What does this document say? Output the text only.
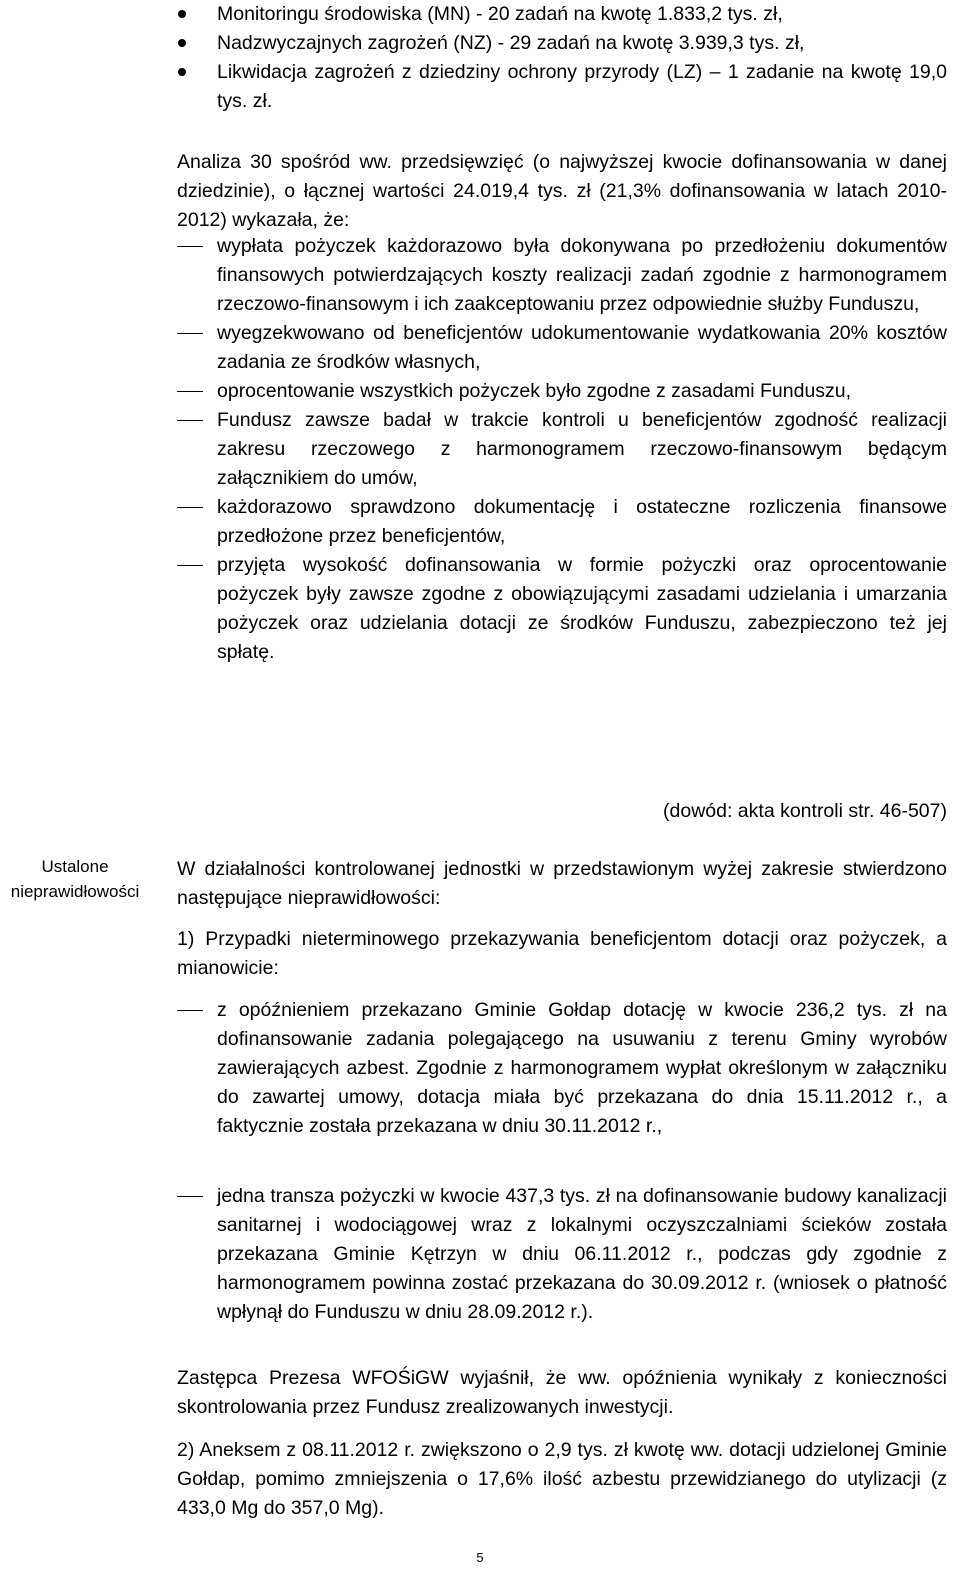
Monitoringu środowiska (MN) - 20 zadań na kwotę 1.833,2 tys. zł,
Nadzwyczajnych zagrożeń (NZ) - 29 zadań na kwotę 3.939,3 tys. zł,
Likwidacja zagrożeń z dziedziny ochrony przyrody (LZ) – 1 zadanie na kwotę 19,0 tys. zł.
Analiza 30 spośród ww. przedsięwzięć (o najwyższej kwocie dofinansowania w danej dziedzinie), o łącznej wartości 24.019,4 tys. zł (21,3% dofinansowania w latach 2010-2012) wykazała, że:
wypłata pożyczek każdorazowo była dokonywana po przedłożeniu dokumentów finansowych potwierdzających koszty realizacji zadań zgodnie z harmonogramem rzeczowo-finansowym i ich zaakceptowaniu przez odpowiednie służby Funduszu,
wyegzekwowano od beneficjentów udokumentowanie wydatkowania 20% kosztów zadania ze środków własnych,
oprocentowanie wszystkich pożyczek było zgodne z zasadami Funduszu,
Fundusz zawsze badał w trakcie kontroli u beneficjentów zgodność realizacji zakresu rzeczowego z harmonogramem rzeczowo-finansowym będącym załącznikiem do umów,
każdorazowo sprawdzono dokumentację i ostateczne rozliczenia finansowe przedłożone przez beneficjentów,
przyjęta wysokość dofinansowania w formie pożyczki oraz oprocentowanie pożyczek były zawsze zgodne z obowiązującymi zasadami udzielania i umarzania pożyczek oraz udzielania dotacji ze środków Funduszu, zabezpieczono też jej spłatę.
(dowód: akta kontroli str. 46-507)
Ustalone
nieprawidłowości
W działalności kontrolowanej jednostki w przedstawionym wyżej zakresie stwierdzono następujące nieprawidłowości:
1) Przypadki nieterminowego przekazywania beneficjentom dotacji oraz pożyczek, a mianowicie:
z opóźnieniem przekazano Gminie Gołdap dotację w kwocie 236,2 tys. zł na dofinansowanie zadania polegającego na usuwaniu z terenu Gminy wyrobów zawierających azbest. Zgodnie z harmonogramem wypłat określonym w załączniku do zawartej umowy, dotacja miała być przekazana do dnia 15.11.2012 r., a faktycznie została przekazana w dniu 30.11.2012 r.,
jedna transza pożyczki w kwocie 437,3 tys. zł na dofinansowanie budowy kanalizacji sanitarnej i wodociągowej wraz z lokalnymi oczyszczalniami ścieków została przekazana Gminie Kętrzyn w dniu 06.11.2012 r., podczas gdy zgodnie z harmonogramem powinna zostać przekazana do 30.09.2012 r. (wniosek o płatność wpłynął do Funduszu w dniu 28.09.2012 r.).
Zastępca Prezesa WFOŚiGW wyjaśnił, że ww. opóźnienia wynikały z konieczności skontrolowania przez Fundusz zrealizowanych inwestycji.
2) Aneksem z 08.11.2012 r. zwiększono o 2,9 tys. zł kwotę ww. dotacji udzielonej Gminie Gołdap, pomimo zmniejszenia o 17,6% ilość azbestu przewidzianego do utylizacji (z 433,0 Mg do 357,0 Mg).
5
